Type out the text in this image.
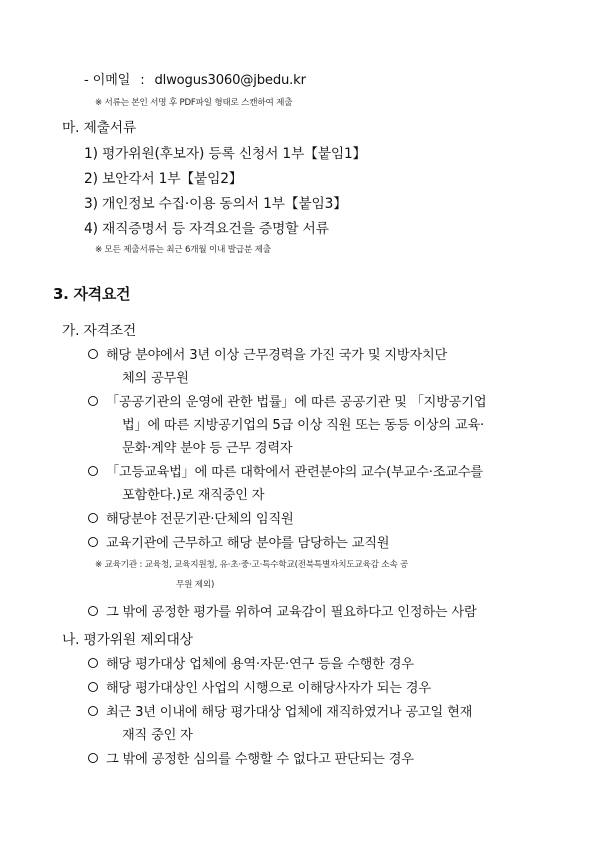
- 이메일 : dlwogus3060@jbedu.kr
※ 서류는 본인 서명 후 PDF파일 형태로 스캔하여 제출
마. 제출서류
1) 평가위원(후보자) 등록 신청서 1부【붙임1】
2) 보안각서 1부【붙임2】
3) 개인정보 수집·이용 동의서 1부【붙임3】
4) 재직증명서 등 자격요건을 증명할 서류
※ 모든 제출서류는 최근 6개월 이내 발급분 제출
3. 자격요건
가. 자격조건
해당 분야에서 3년 이상 근무경력을 가진 국가 및 지방자치단
체의 공무원
「공공기관의 운영에 관한 법률」에 따른 공공기관 및 「지방공기업
법」에 따른 지방공기업의 5급 이상 직원 또는 동등 이상의 교육·
문화·계약 분야 등 근무 경력자
「고등교육법」에 따른 대학에서 관련분야의 교수(부교수·조교수를
포함한다.)로 재직중인 자
해당분야 전문기관·단체의 임직원
교육기관에 근무하고 해당 분야를 담당하는 교직원
※ 교육기관 : 교육청, 교육지원청, 유·초·중·고·특수학교(전북특별자치도교육감 소속 공
무원 제외)
그 밖에 공정한 평가를 위하여 교육감이 필요하다고 인정하는 사람
나. 평가위원 제외대상
해당 평가대상 업체에 용역·자문·연구 등을 수행한 경우
해당 평가대상인 사업의 시행으로 이해당사자가 되는 경우
최근 3년 이내에 해당 평가대상 업체에 재직하였거나 공고일 현재
재직 중인 자
그 밖에 공정한 심의를 수행할 수 없다고 판단되는 경우
